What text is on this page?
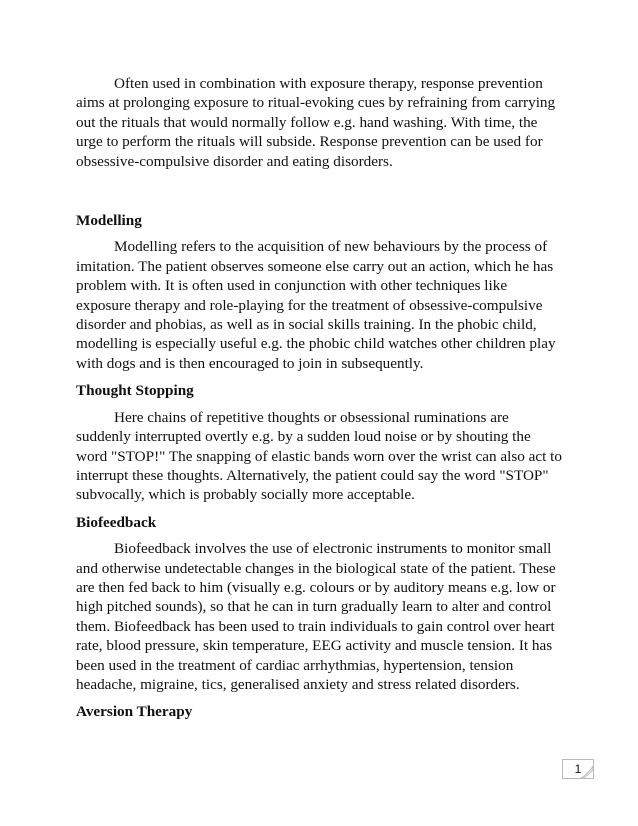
Often used in combination with exposure therapy, response prevention aims at prolonging exposure to ritual-evoking cues by refraining from carrying out the rituals that would normally follow e.g. hand washing. With time, the urge to perform the rituals will subside. Response prevention can be used for obsessive-compulsive disorder and eating disorders.

Modelling

Modelling refers to the acquisition of new behaviours by the process of imitation. The patient observes someone else carry out an action, which he has problem with. It is often used in conjunction with other techniques like exposure therapy and role-playing for the treatment of obsessive-compulsive disorder and phobias, as well as in social skills training. In the phobic child, modelling is especially useful e.g. the phobic child watches other children play with dogs and is then encouraged to join in subsequently.

Thought Stopping

Here chains of repetitive thoughts or obsessional ruminations are suddenly interrupted overtly e.g. by a sudden loud noise or by shouting the word "STOP!" The snapping of elastic bands worn over the wrist can also act to interrupt these thoughts. Alternatively, the patient could say the word "STOP" subvocally, which is probably socially more acceptable.

Biofeedback

Biofeedback involves the use of electronic instruments to monitor small and otherwise undetectable changes in the biological state of the patient. These are then fed back to him (visually e.g. colours or by auditory means e.g. low or high pitched sounds), so that he can in turn gradually learn to alter and control them. Biofeedback has been used to train individuals to gain control over heart rate, blood pressure, skin temperature, EEG activity and muscle tension. It has been used in the treatment of cardiac arrhythmias, hypertension, tension headache, migraine, tics, generalised anxiety and stress related disorders.

Aversion Therapy
1
